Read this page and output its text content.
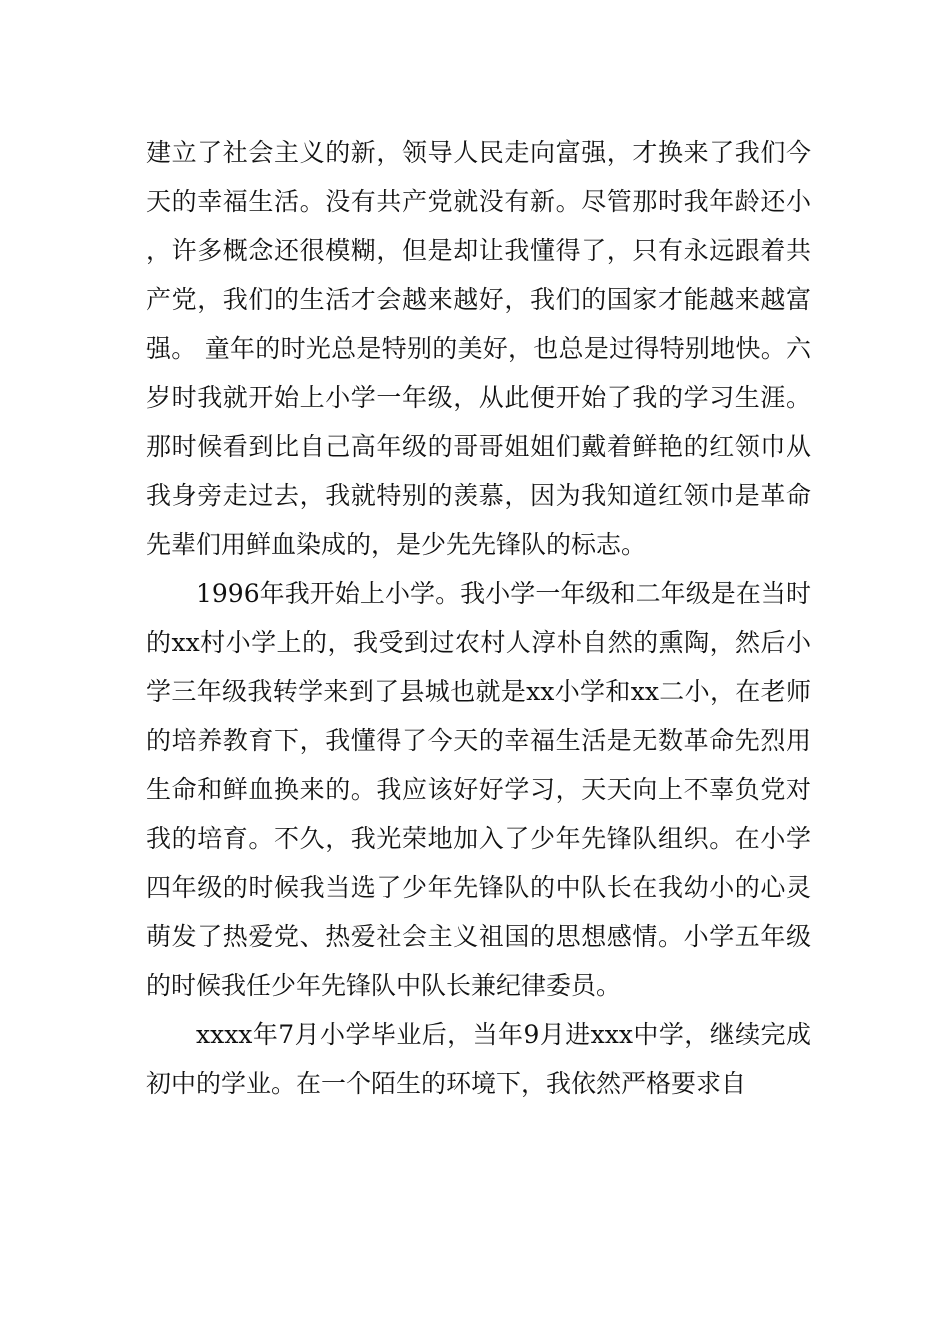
建立了社会主义的新，领导人民走向富强，才换来了我们今天的幸福生活。没有共产党就没有新。尽管那时我年龄还小，许多概念还很模糊，但是却让我懂得了，只有永远跟着共产党，我们的生活才会越来越好，我们的国家才能越来越富强。 童年的时光总是特别的美好，也总是过得特别地快。六岁时我就开始上小学一年级，从此便开始了我的学习生涯。那时候看到比自己高年级的哥哥姐姐们戴着鲜艳的红领巾从我身旁走过去，我就特别的羡慕，因为我知道红领巾是革命先辈们用鲜血染成的，是少先先锋队的标志。

1996年我开始上小学。我小学一年级和二年级是在当时的xx村小学上的，我受到过农村人淳朴自然的熏陶，然后小学三年级我转学来到了县城也就是xx小学和xx二小，在老师的培养教育下，我懂得了今天的幸福生活是无数革命先烈用生命和鲜血换来的。我应该好好学习，天天向上不辜负党对我的培育。不久，我光荣地加入了少年先锋队组织。在小学四年级的时候我当选了少年先锋队的中队长在我幼小的心灵萌发了热爱党、热爱社会主义祖国的思想感情。小学五年级的时候我任少年先锋队中队长兼纪律委员。

xxxx年7月小学毕业后，当年9月进xxx中学，继续完成初中的学业。在一个陌生的环境下，我依然严格要求自
